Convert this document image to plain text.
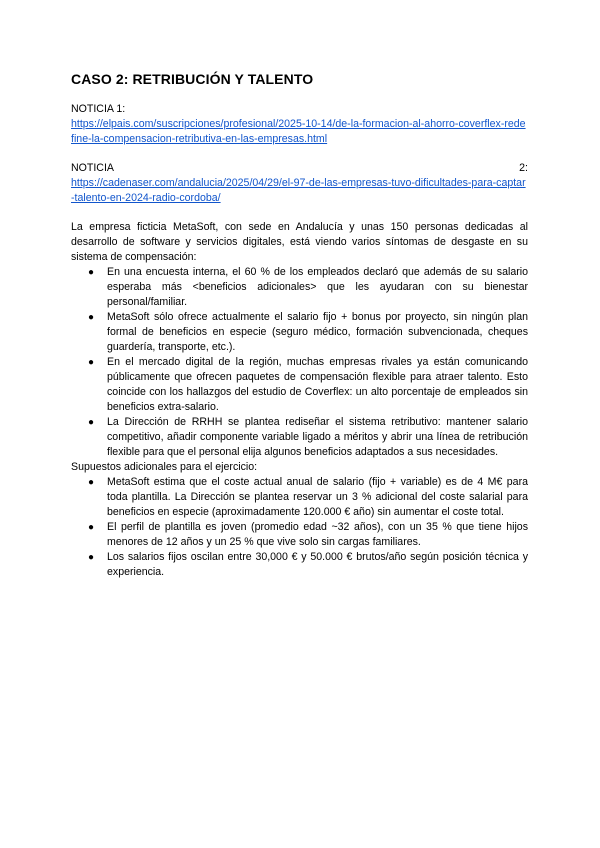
CASO 2: RETRIBUCIÓN Y TALENTO
NOTICIA 1:
https://elpais.com/suscripciones/profesional/2025-10-14/de-la-formacion-al-ahorro-coverflex-redefine-la-compensacion-retributiva-en-las-empresas.html
NOTICIA	2:
https://cadenaser.com/andalucia/2025/04/29/el-97-de-las-empresas-tuvo-dificultades-para-captar-talento-en-2024-radio-cordoba/
La empresa ficticia MetaSoft, con sede en Andalucía y unas 150 personas dedicadas al desarrollo de software y servicios digitales, está viendo varios síntomas de desgaste en su sistema de compensación:
● En una encuesta interna, el 60 % de los empleados declaró que además de su salario esperaba más <beneficios adicionales> que les ayudaran con su bienestar personal/familiar.
● MetaSoft sólo ofrece actualmente el salario fijo + bonus por proyecto, sin ningún plan formal de beneficios en especie (seguro médico, formación subvencionada, cheques guardería, transporte, etc.).
● En el mercado digital de la región, muchas empresas rivales ya están comunicando públicamente que ofrecen paquetes de compensación flexible para atraer talento. Esto coincide con los hallazgos del estudio de Coverflex: un alto porcentaje de empleados sin beneficios extra-salario.
● La Dirección de RRHH se plantea rediseñar el sistema retributivo: mantener salario competitivo, añadir componente variable ligado a méritos y abrir una línea de retribución flexible para que el personal elija algunos beneficios adaptados a sus necesidades.
Supuestos adicionales para el ejercicio:
● MetaSoft estima que el coste actual anual de salario (fijo + variable) es de 4 M€ para toda plantilla. La Dirección se plantea reservar un 3 % adicional del coste salarial para beneficios en especie (aproximadamente 120.000 € año) sin aumentar el coste total.
● El perfil de plantilla es joven (promedio edad ~32 años), con un 35 % que tiene hijos menores de 12 años y un 25 % que vive solo sin cargas familiares.
● Los salarios fijos oscilan entre 30,000 € y 50.000 € brutos/año según posición técnica y experiencia.
